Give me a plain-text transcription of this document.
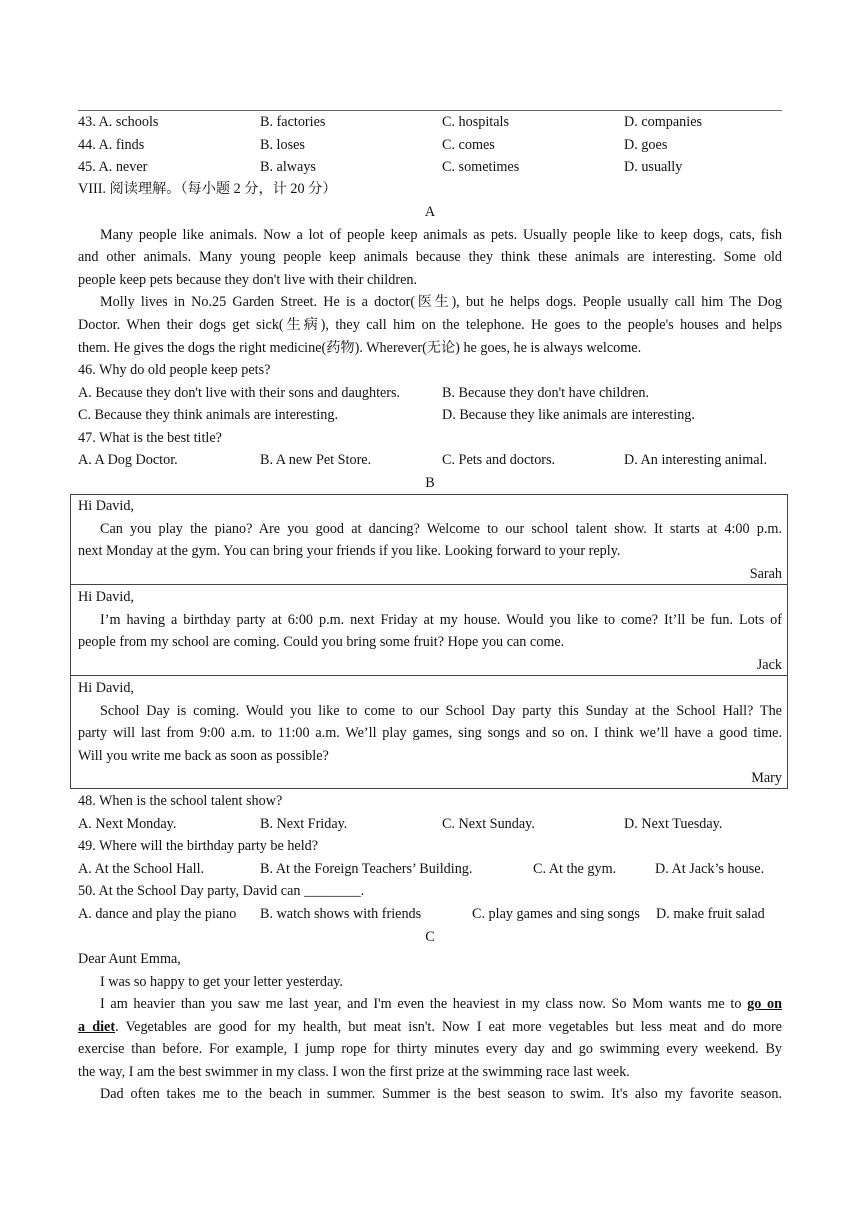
43. A. schools	B. factories	C. hospitals	D. companies
44. A. finds	B. loses	C. comes	D. goes
45. A. never	B. always	C. sometimes	D. usually
VIII. 阅读理解。（每小题 2 分，计 20 分）
A
Many people like animals. Now a lot of people keep animals as pets. Usually people like to keep dogs, cats, fish
and other animals. Many young people keep animals because they think these animals are interesting. Some old
people keep pets because they don't live with their children.
Molly lives in No.25 Garden Street. He is a doctor(医生), but he helps dogs. People usually call him The Dog
Doctor. When their dogs get sick(生病), they call him on the telephone. He goes to the people's houses and helps
them. He gives the dogs the right medicine(药物). Wherever(无论) he goes, he is always welcome.
46. Why do old people keep pets?
A. Because they don't live with their sons and daughters.	B. Because they don't have children.
C. Because they think animals are interesting.	D. Because they like animals are interesting.
47. What is the best title?
A. A Dog Doctor.	B. A new Pet Store.	C. Pets and doctors.	D. An interesting animal.
B
Hi David,
Can you play the piano? Are you good at dancing? Welcome to our school talent show. It starts at 4:00 p.m.
next Monday at the gym. You can bring your friends if you like. Looking forward to your reply.
Sarah
Hi David,
I’m having a birthday party at 6:00 p.m. next Friday at my house. Would you like to come? It’ll be fun. Lots of
people from my school are coming. Could you bring some fruit? Hope you can come.
Jack
Hi David,
School Day is coming. Would you like to come to our School Day party this Sunday at the School Hall? The
party will last from 9:00 a.m. to 11:00 a.m. We’ll play games, sing songs and so on. I think we’ll have a good time.
Will you write me back as soon as possible?
Mary
48. When is the school talent show?
A. Next Monday.	B. Next Friday.	C. Next Sunday.	D. Next Tuesday.
49. Where will the birthday party be held?
A. At the School Hall.	B. At the Foreign Teachers’ Building.	C. At the gym.	D. At Jack’s house.
50. At the School Day party, David can ________.
A. dance and play the piano B. watch shows with friends	C. play games and sing songs D. make fruit salad
C
Dear Aunt Emma,
I was so happy to get your letter yesterday.
I am heavier than you saw me last year, and I'm even the heaviest in my class now. So Mom wants me to go on
a diet. Vegetables are good for my health, but meat isn't. Now I eat more vegetables but less meat and do more
exercise than before. For example, I jump rope for thirty minutes every day and go swimming every weekend. By
the way, I am the best swimmer in my class. I won the first prize at the swimming race last week.
Dad often takes me to the beach in summer. Summer is the best season to swim. It's also my favorite season.
